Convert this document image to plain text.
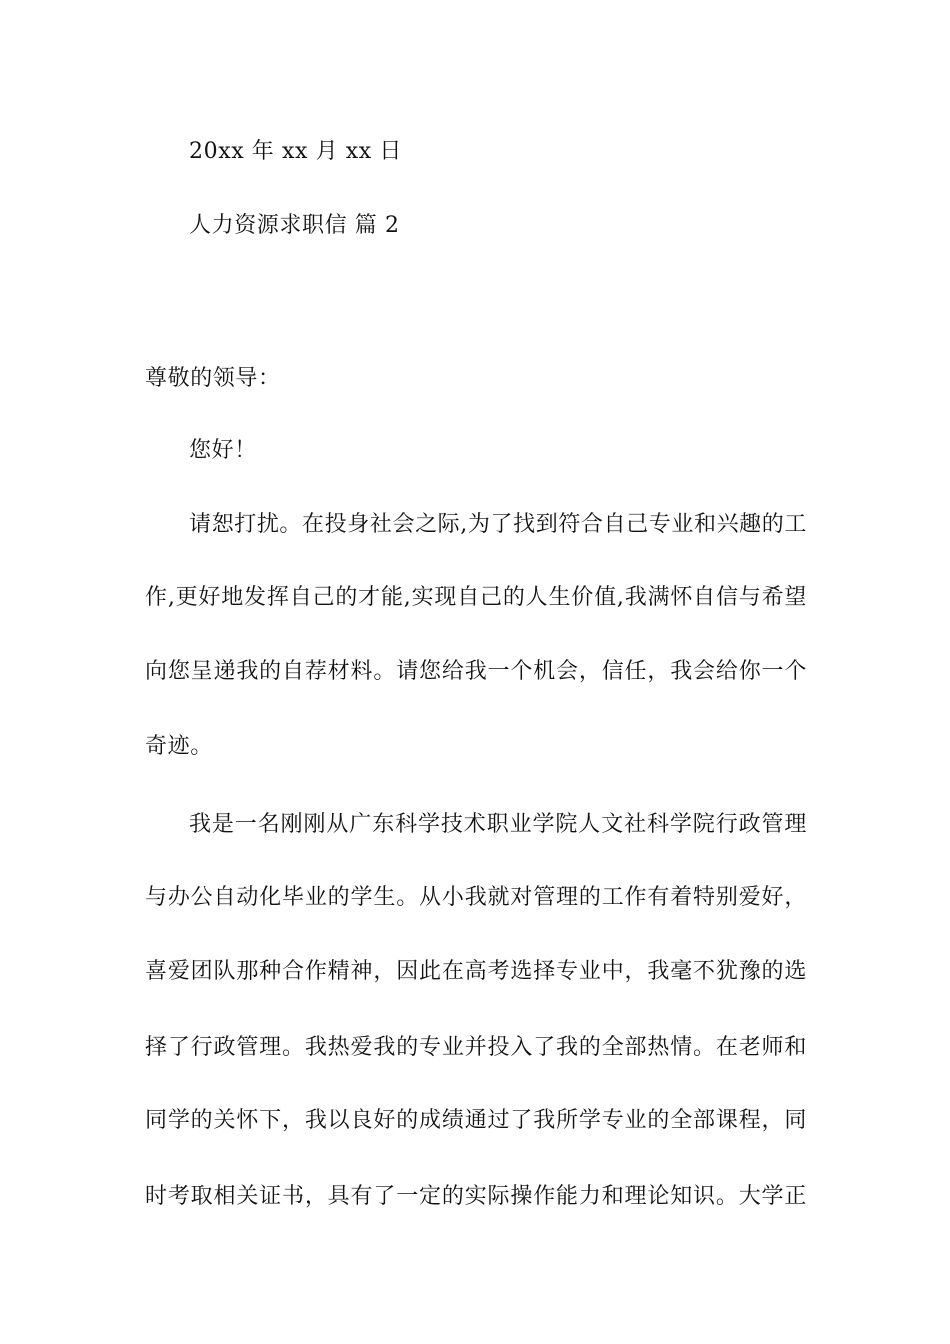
20xx 年 xx 月 xx 日
人力资源求职信 篇 2
尊敬的领导：
您好！
请恕打扰。在投身社会之际,为了找到符合自己专业和兴趣的工
作,更好地发挥自己的才能,实现自己的人生价值,我满怀自信与希望
向您呈递我的自荐材料。请您给我一个机会，信任，我会给你一个
奇迹。
我是一名刚刚从广东科学技术职业学院人文社科学院行政管理
与办公自动化毕业的学生。从小我就对管理的工作有着特别爱好，
喜爱团队那种合作精神，因此在高考选择专业中，我毫不犹豫的选
择了行政管理。我热爱我的专业并投入了我的全部热情。在老师和
同学的关怀下，我以良好的成绩通过了我所学专业的全部课程，同
时考取相关证书，具有了一定的实际操作能力和理论知识。大学正
